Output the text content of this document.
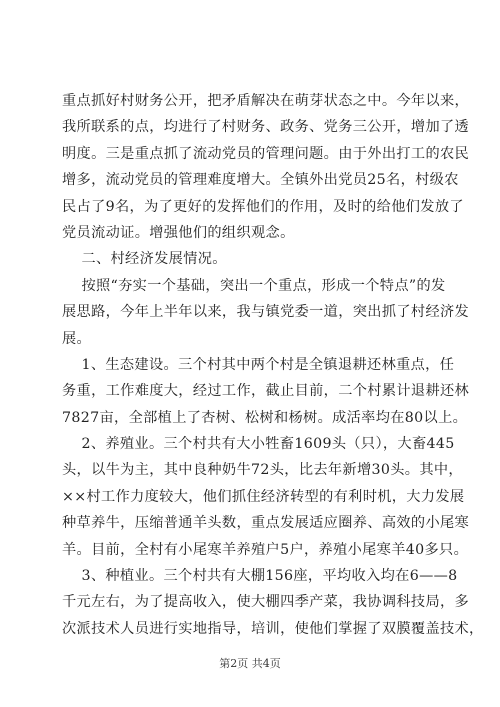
重点抓好村财务公开，把矛盾解决在萌芽状态之中。今年以来，
我所联系的点，均进行了村财务、政务、党务三公开，增加了透
明度。三是重点抓了流动党员的管理问题。由于外出打工的农民
增多，流动党员的管理难度增大。全镇外出党员25名，村级农
民占了9名，为了更好的发挥他们的作用，及时的给他们发放了
党员流动证。增强他们的组织观念。
二、村经济发展情况。
按照“夯实一个基础，突出一个重点，形成一个特点”的发
展思路，今年上半年以来，我与镇党委一道，突出抓了村经济发
展。
1、生态建设。三个村其中两个村是全镇退耕还林重点，任
务重，工作难度大，经过工作，截止目前，二个村累计退耕还林
7827亩，全部植上了杏树、松树和杨树。成活率均在80以上。
2、养殖业。三个村共有大小牲畜1609头（只），大畜445
头，以牛为主，其中良种奶牛72头，比去年新增30头。其中，
××村工作力度较大，他们抓住经济转型的有利时机，大力发展
种草养牛，压缩普通羊头数，重点发展适应圈养、高效的小尾寒
羊。目前，全村有小尾寒羊养殖户5户，养殖小尾寒羊40多只。
3、种植业。三个村共有大棚156座，平均收入均在6——8
千元左右，为了提高收入，使大棚四季产菜，我协调科技局，多
次派技术人员进行实地指导，培训，使他们掌握了双膜覆盖技术，
第2页 共4页
